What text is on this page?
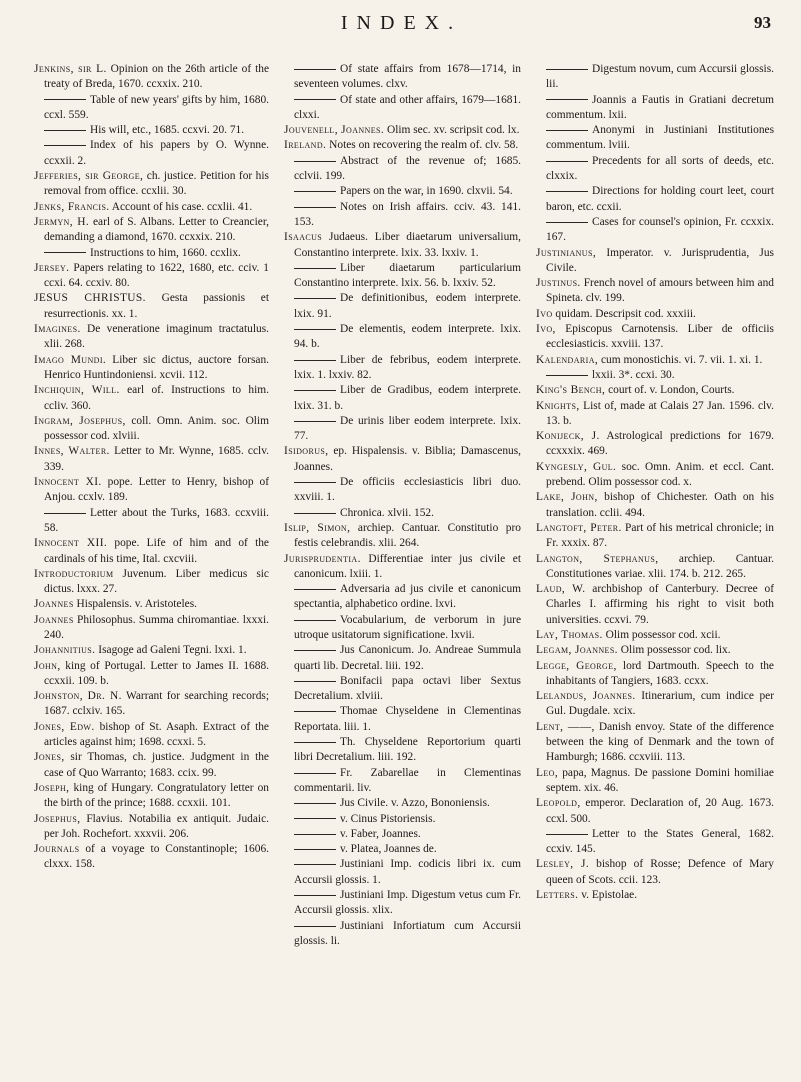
INDEX.	93

Jenkins, sir L. Opinion on the 26th article of the treaty of Breda, 1670. ccxxix. 210.

Table of new years' gifts by him, 1680. ccxl. 559.

His will, etc., 1685. ccxvi. 20. 71.

Index of his papers by O. Wynne. ccxxii. 2.

Jefferies, sir George, ch. justice. Petition for his removal from office. ccxlii. 30.

Jenks, Francis. Account of his case. ccxlii. 41.

Jermyn, H. earl of S. Albans. Letter to Creancier, demanding a diamond, 1670. ccxxix. 210.

Instructions to him, 1660. ccxlix.

Jersey. Papers relating to 1622, 1680, etc. cciv. 1 ccxi. 64. ccxiv. 80.

JESUS CHRISTUS. Gesta passionis et resurrectionis. xx. 1.

Imagines. De veneratione imaginum tractatulus. xlii. 268.

Imago Mundi. Liber sic dictus, auctore forsan. Henrico Huntindoniensi. xcvii. 112.

Inchiquin, Will. earl of. Instructions to him. ccliv. 360.

Ingram, Josephus, coll. Omn. Anim. soc. Olim possessor cod. xlviii.

Innes, Walter. Letter to Mr. Wynne, 1685. cclv. 339.

Innocent XI. pope. Letter to Henry, bishop of Anjou. ccxlv. 189.

Letter about the Turks, 1683. ccxviii. 58.

Innocent XII. pope. Life of him and of the cardinals of his time, Ital. cxcviii.

Introductorium Juvenum. Liber medicus sic dictus. lxxx. 27.

Joannes Hispalensis. v. Aristoteles.

Joannes Philosophus. Summa chiromantiae. lxxxi. 240.

Johannitius. Isagoge ad Galeni Tegni. lxxi. 1.

John, king of Portugal. Letter to James II. 1688. ccxxii. 109. b.

Johnston, Dr. N. Warrant for searching records; 1687. cclxiv. 165.

Jones, Edw. bishop of St. Asaph. Extract of the articles against him; 1698. ccxxi. 5.

Jones, sir Thomas, ch. justice. Judgment in the case of Quo Warranto; 1683. ccix. 99.

Joseph, king of Hungary. Congratulatory letter on the birth of the prince; 1688. ccxxii. 101.

Josephus, Flavius. Notabilia ex antiquit. Judaic. per Joh. Rochefort. xxxvii. 206.

Journals of a voyage to Constantinople; 1606. clxxx. 158.

Of state affairs from 1678—1714, in seventeen volumes. clxv.

Of state and other affairs, 1679—1681. clxxi.

Jouvenell, Joannes. Olim sec. xv. scripsit cod. lx.

Ireland. Notes on recovering the realm of. clv. 58.

Abstract of the revenue of; 1685. cclvii. 199.

Papers on the war, in 1690. clxvii. 54.

Notes on Irish affairs. cciv. 43. 141. 153.

Isaacus Judaeus. Liber diaetarum universalium, Constantino interprete. lxix. 33. lxxiv. 1.

Liber diaetarum particularium Constantino interprete. lxix. 56. b. lxxiv. 52.

De definitionibus, eodem interprete. lxix. 91.

De elementis, eodem interprete. lxix. 94. b.

Liber de febribus, eodem interprete. lxix. 1. lxxiv. 82.

Liber de Gradibus, eodem interprete. lxix. 31. b.

De urinis liber eodem interprete. lxix. 77.

Isidorus, ep. Hispalensis. v. Biblia; Damascenus, Joannes.

De officiis ecclesiasticis libri duo. xxviii. 1.

Chronica. xlvii. 152.

Islip, Simon, archiep. Cantuar. Constitutio pro festis celebrandis. xlii. 264.

Jurisprudentia. Differentiae inter jus civile et canonicum. lxiii. 1.

Adversaria ad jus civile et canonicum spectantia, alphabetico ordine. lxvi.

Vocabularium, de verborum in jure utroque usitatorum significatione. lxvii.

Jus Canonicum. Jo. Andreae Summula quarti lib. Decretal. liii. 192.

Bonifacii papa octavi liber Sextus Decretalium. xlviii.

Thomae Chyseldene in Clementinas Reportata. liii. 1.

Th. Chyseldene Reportorium quarti libri Decretalium. liii. 192.

Fr. Zabarellae in Clementinas commentarii. liv.

Jus Civile. v. Azzo, Bononiensis.

v. Cinus Pistoriensis.

v. Faber, Joannes.

v. Platea, Joannes de.

Justiniani Imp. codicis libri ix. cum Accursii glossis. 1.

Justiniani Imp. Digestum vetus cum Fr. Accursii glossis. xlix.

Justiniani Infortiatum cum Accursii glossis. li.

Digestum novum, cum Accursii glossis. lii.

Joannis a Fautis in Gratiani decretum commentum. lxii.

Anonymi in Justiniani Institutiones commentum. lviii.

Precedents for all sorts of deeds, etc. clxxix.

Directions for holding court leet, court baron, etc. ccxii.

Cases for counsel's opinion, Fr. ccxxix. 167.

Justinianus, Imperator. v. Jurisprudentia, Jus Civile.

Justinus. French novel of amours between him and Spineta. clv. 199.

Ivo quidam. Descripsit cod. xxxiii.

Ivo, Episcopus Carnotensis. Liber de officiis ecclesiasticis. xxviii. 137.

Kalendaria, cum monostichis. vi. 7. vii. 1. xi. 1.

lxxii. 3*. ccxi. 30.

King's Bench, court of. v. London, Courts.

Knights, List of, made at Calais 27 Jan. 1596. clv. 13. b.

Konijeck, J. Astrological predictions for 1679. ccxxxix. 469.

Kyngesly, Gul. soc. Omn. Anim. et eccl. Cant. prebend. Olim possessor cod. x.

Lake, John, bishop of Chichester. Oath on his translation. cclii. 494.

Langtoft, Peter. Part of his metrical chronicle; in Fr. xxxix. 87.

Langton, Stephanus, archiep. Cantuar. Constitutiones variae. xlii. 174. b. 212. 265.

Laud, W. archbishop of Canterbury. Decree of Charles I. affirming his right to visit both universities. ccxvi. 79.

Lay, Thomas. Olim possessor cod. xcii.

Legam, Joannes. Olim possessor cod. lix.

Legge, George, lord Dartmouth. Speech to the inhabitants of Tangiers, 1683. ccxx.

Lelandus, Joannes. Itinerarium, cum indice per Gul. Dugdale. xcix.

Lent, ——, Danish envoy. State of the difference between the king of Denmark and the town of Hamburgh; 1686. ccxviii. 113.

Leo, papa, Magnus. De passione Domini homiliae septem. xix. 46.

Leopold, emperor. Declaration of, 20 Aug. 1673. ccxl. 500.

Letter to the States General, 1682. ccxiv. 145.

Lesley, J. bishop of Rosse; Defence of Mary queen of Scots. ccii. 123.

Letters. v. Epistolae.
